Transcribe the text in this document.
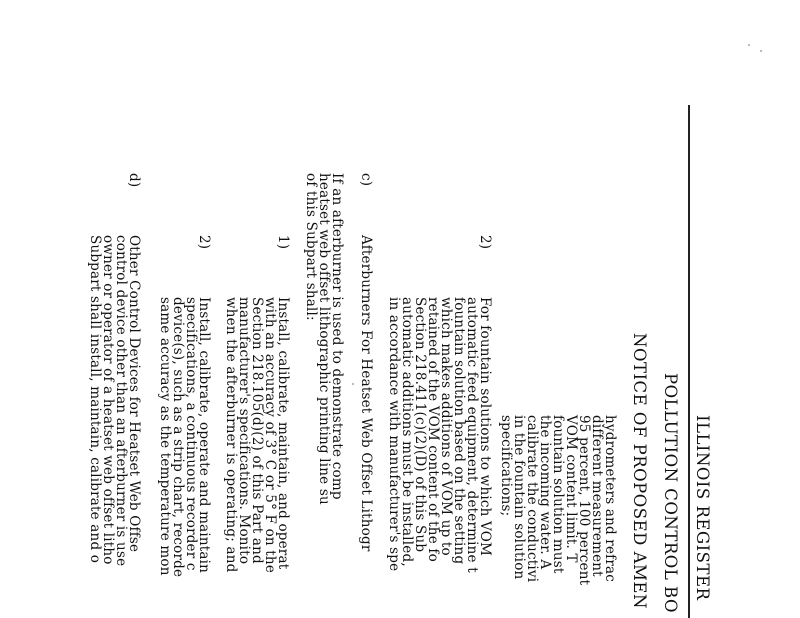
ILLINOIS REGISTER
POLLUTION CONTROL BO
NOTICE OF PROPOSED AMEN
hydrometers and refrac
different measurement
95 percent, 100 percent
VOM content limit. T
fountain solution must
the incoming water. A
calibrate the conductivi
in the fountain solution
specifications;
2)
For fountain solutions to which VOM
automatic feed equipment, determine t
fountain solution based on the setting
which makes additions of VOM up to
retained of the VOM content of the fo
Section 218.411(c)(2)(D) of this Sub
automatic additions must be installed,
in accordance with manufacturer's spe
c)
Afterburners For Heatset Web Offset Lithogr
If an afterburner is used to demonstrate comp
heatset web offset lithographic printing line su
of this Subpart shall:
1)
Install, calibrate, maintain, and operat
with an accuracy of 3° C or 5° F on the
Section 218.105(d)(2) of this Part and
manufacturer's specifications. Monito
when the afterburner is operating; and
2)
Install, calibrate, operate and maintain
specifications, a continuous recorder c
device(s), such as a strip chart, recorde
same accuracy as the temperature mon
d)
Other Control Devices for Heatset Web Offse
control device other than an afterburner is use
owner or operator of a heatset web offset litho
Subpart shall install, maintain, calibrate and o
